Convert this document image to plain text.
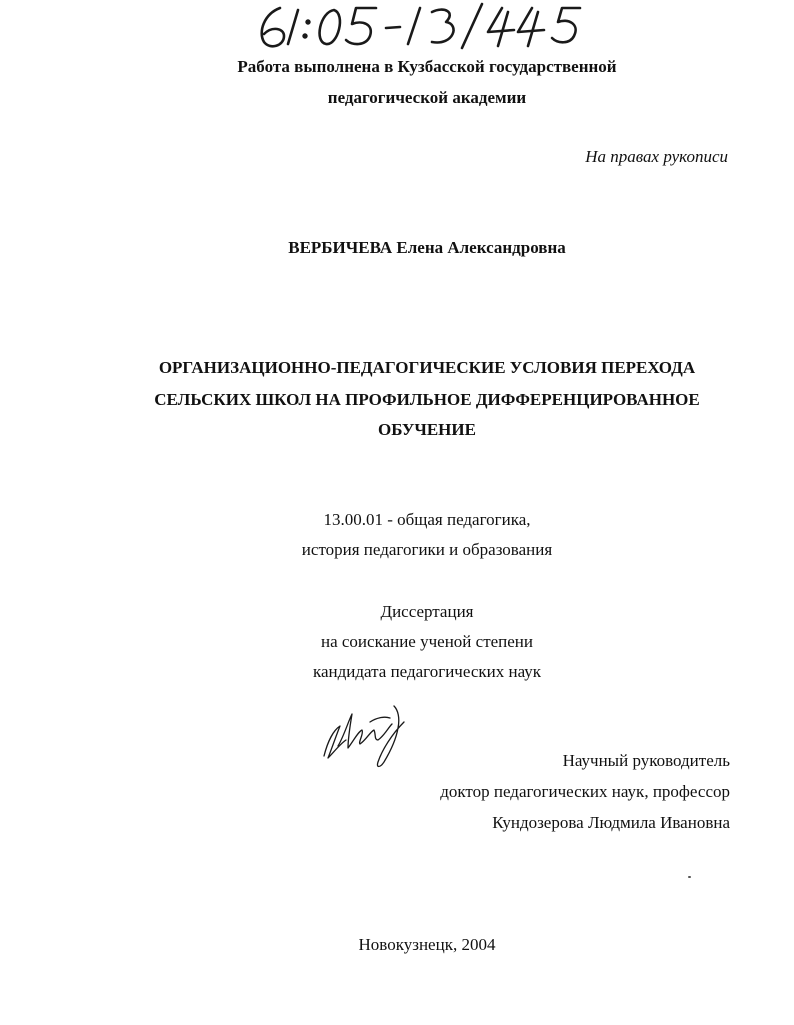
Работа выполнена в Кузбасской государственной
педагогической академии
На правах рукописи
ВЕРБИЧЕВА Елена Александровна
ОРГАНИЗАЦИОННО-ПЕДАГОГИЧЕСКИЕ УСЛОВИЯ ПЕРЕХОДА
СЕЛЬСКИХ ШКОЛ НА ПРОФИЛЬНОЕ ДИФФЕРЕНЦИРОВАННОЕ
ОБУЧЕНИЕ
13.00.01 - общая педагогика,
история педагогики и образования
Диссертация
на соискание ученой степени
кандидата педагогических наук
Научный руководитель
доктор педагогических наук, профессор
Кундозерова Людмила Ивановна
Новокузнецк, 2004
